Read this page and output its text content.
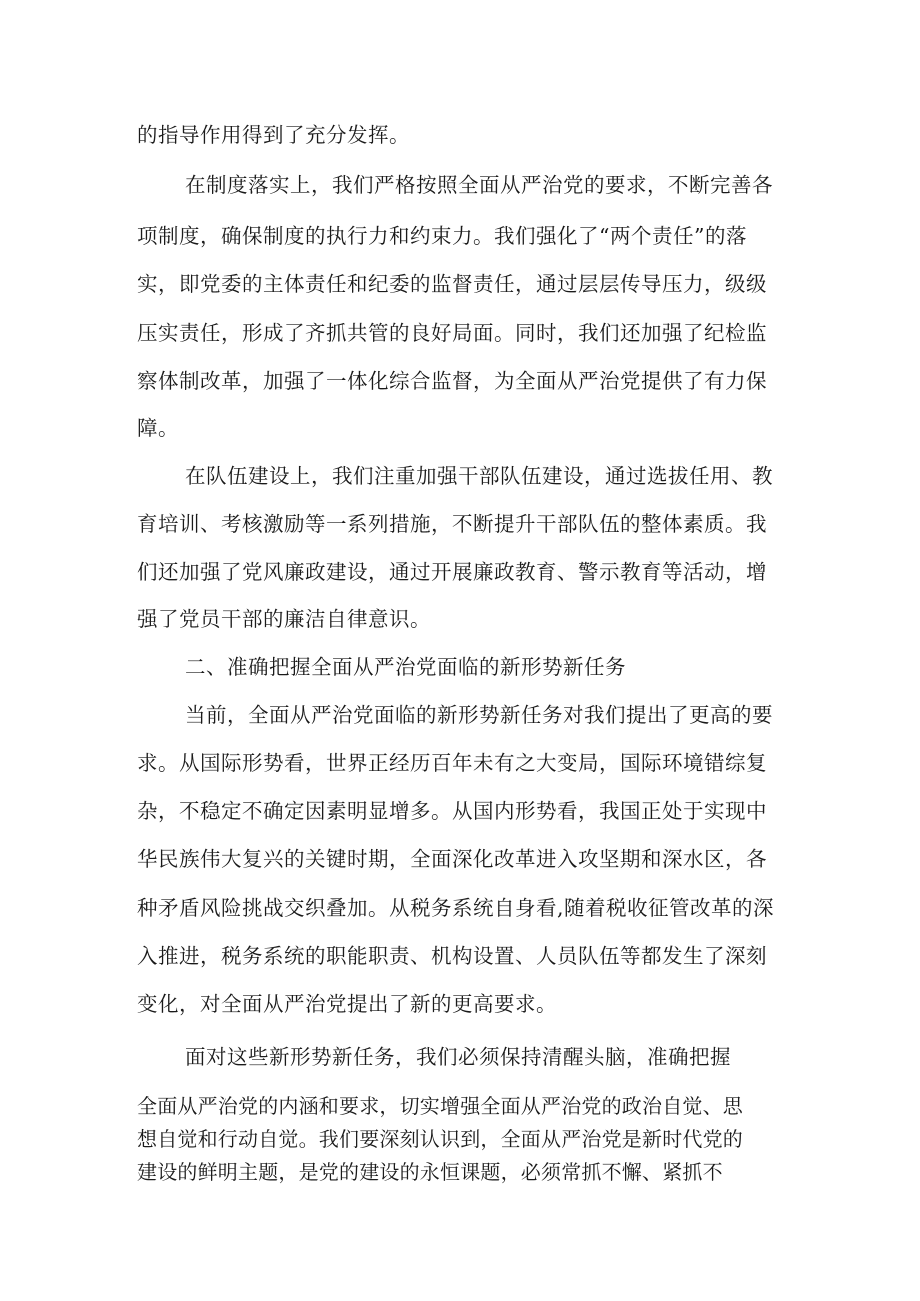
的指导作用得到了充分发挥。
在制度落实上，我们严格按照全面从严治党的要求，不断完善各
项制度，确保制度的执行力和约束力。我们强化了“两个责任”的落
实，即党委的主体责任和纪委的监督责任，通过层层传导压力，级级
压实责任，形成了齐抓共管的良好局面。同时，我们还加强了纪检监
察体制改革，加强了一体化综合监督，为全面从严治党提供了有力保
障。
在队伍建设上，我们注重加强干部队伍建设，通过选拔任用、教
育培训、考核激励等一系列措施，不断提升干部队伍的整体素质。我
们还加强了党风廉政建设，通过开展廉政教育、警示教育等活动，增
强了党员干部的廉洁自律意识。
二、准确把握全面从严治党面临的新形势新任务
当前，全面从严治党面临的新形势新任务对我们提出了更高的要
求。从国际形势看，世界正经历百年未有之大变局，国际环境错综复
杂，不稳定不确定因素明显增多。从国内形势看，我国正处于实现中
华民族伟大复兴的关键时期，全面深化改革进入攻坚期和深水区，各
种矛盾风险挑战交织叠加。从税务系统自身看,随着税收征管改革的深
入推进，税务系统的职能职责、机构设置、人员队伍等都发生了深刻
变化，对全面从严治党提出了新的更高要求。
面对这些新形势新任务，我们必须保持清醒头脑，准确把握
全面从严治党的内涵和要求，切实增强全面从严治党的政治自觉、思
想自觉和行动自觉。我们要深刻认识到，全面从严治党是新时代党的
建设的鲜明主题，是党的建设的永恒课题，必须常抓不懈、紧抓不
